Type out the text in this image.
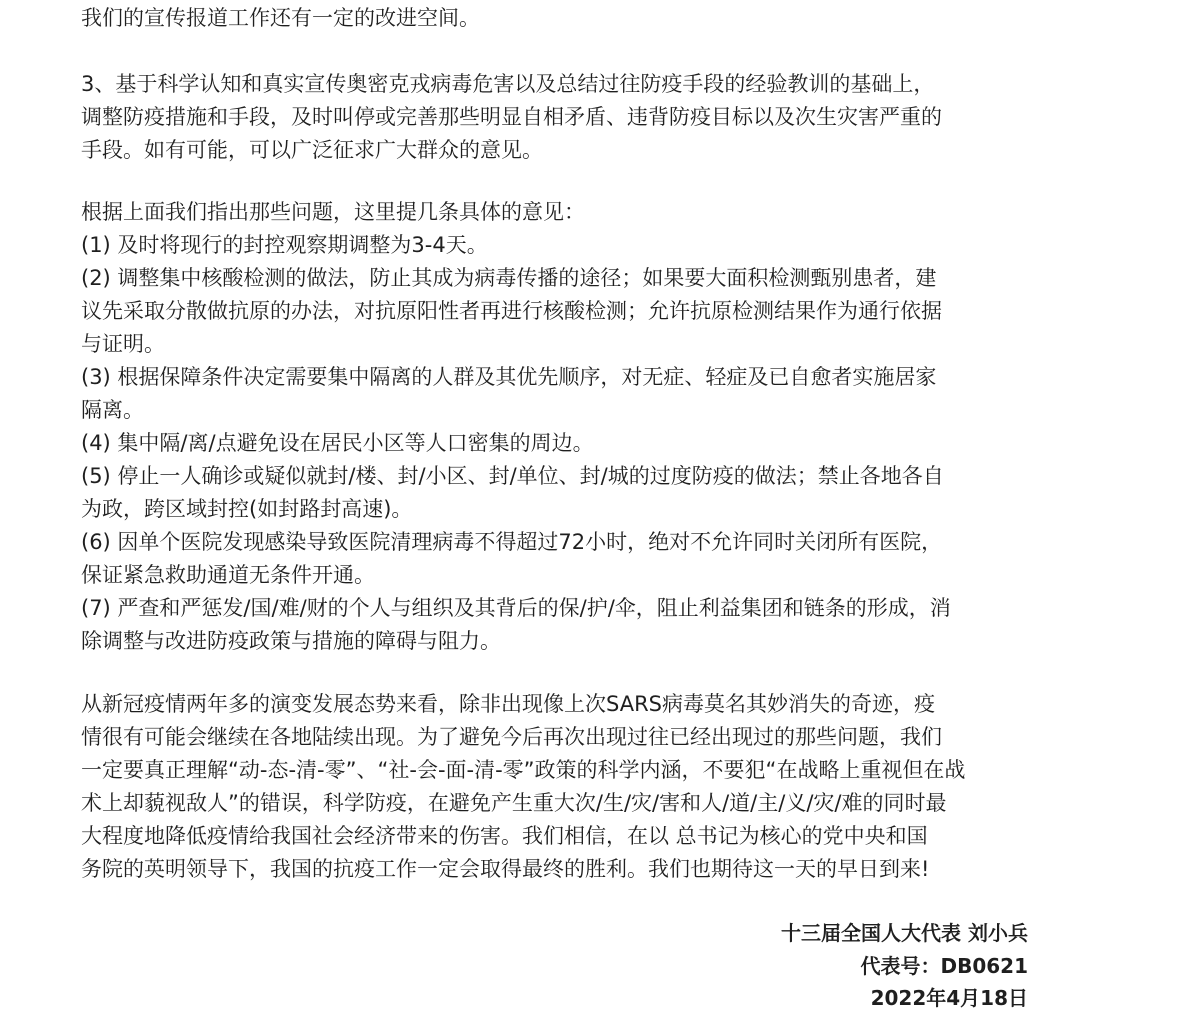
我们的宣传报道工作还有一定的改进空间。
3、基于科学认知和真实宣传奥密克戎病毒危害以及总结过往防疫手段的经验教训的基础上，
调整防疫措施和手段，及时叫停或完善那些明显自相矛盾、违背防疫目标以及次生灾害严重的
手段。如有可能，可以广泛征求广大群众的意见。
根据上面我们指出那些问题，这里提几条具体的意见：
(1) 及时将现行的封控观察期调整为3-4天。
(2) 调整集中核酸检测的做法，防止其成为病毒传播的途径；如果要大面积检测甄别患者，建
议先采取分散做抗原的办法，对抗原阳性者再进行核酸检测；允许抗原检测结果作为通行依据
与证明。
(3) 根据保障条件决定需要集中隔离的人群及其优先顺序，对无症、轻症及已自愈者实施居家
隔离。
(4) 集中隔/离/点避免设在居民小区等人口密集的周边。
(5) 停止一人确诊或疑似就封/楼、封/小区、封/单位、封/城的过度防疫的做法；禁止各地各自
为政，跨区域封控(如封路封高速)。
(6) 因单个医院发现感染导致医院清理病毒不得超过72小时，绝对不允许同时关闭所有医院，
保证紧急救助通道无条件开通。
(7) 严查和严惩发/国/难/财的个人与组织及其背后的保/护/伞，阻止利益集团和链条的形成，消
除调整与改进防疫政策与措施的障碍与阻力。
从新冠疫情两年多的演变发展态势来看，除非出现像上次SARS病毒莫名其妙消失的奇迹，疫
情很有可能会继续在各地陆续出现。为了避免今后再次出现过往已经出现过的那些问题，我们
一定要真正理解“动-态-清-零”、“社-会-面-清-零”政策的科学内涵，不要犯“在战略上重视但在战
术上却藐视敌人”的错误，科学防疫，在避免产生重大次/生/灾/害和人/道/主/义/灾/难的同时最
大程度地降低疫情给我国社会经济带来的伤害。我们相信，在以 总书记为核心的党中央和国
务院的英明领导下，我国的抗疫工作一定会取得最终的胜利。我们也期待这一天的早日到来!
十三届全国人大代表 刘小兵
代表号：DB0621
2022年4月18日
